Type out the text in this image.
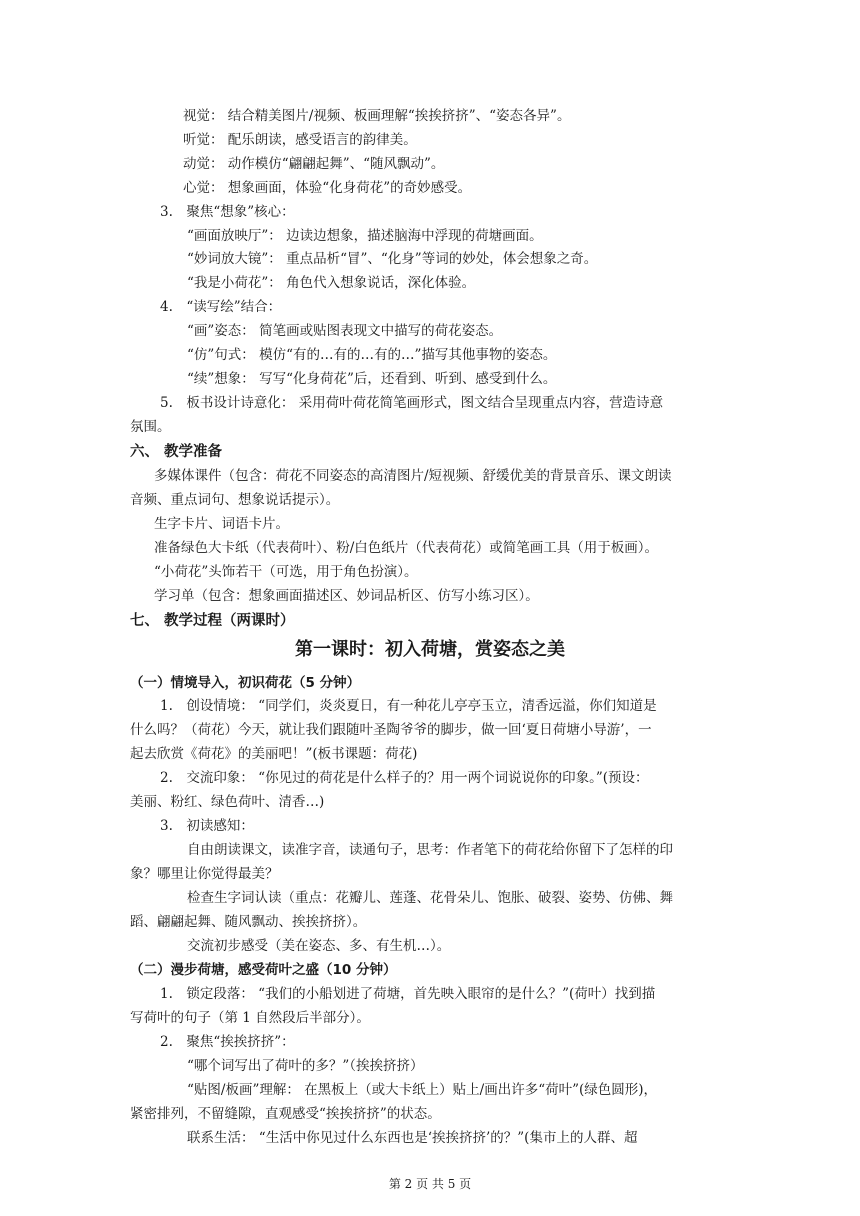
视觉： 结合精美图片/视频、板画理解“挨挨挤挤”、“姿态各异”。
听觉： 配乐朗读，感受语言的韵律美。
动觉： 动作模仿“翩翩起舞”、“随风飘动”。
心觉： 想象画面，体验“化身荷花”的奇妙感受。
3.　聚焦“想象”核心：
“画面放映厅”： 边读边想象，描述脑海中浮现的荷塘画面。
“妙词放大镜”： 重点品析“冒”、“化身”等词的妙处，体会想象之奇。
“我是小荷花”： 角色代入想象说话，深化体验。
4.　“读写绘”结合：
“画”姿态： 简笔画或贴图表现文中描写的荷花姿态。
“仿”句式： 模仿“有的…有的…有的…”描写其他事物的姿态。
“续”想象： 写写“化身荷花”后，还看到、听到、感受到什么。
5.　板书设计诗意化： 采用荷叶荷花简笔画形式，图文结合呈现重点内容，营造诗意
氛围。
六、 教学准备
多媒体课件（包含：荷花不同姿态的高清图片/短视频、舒缓优美的背景音乐、课文朗读
音频、重点词句、想象说话提示）。
生字卡片、词语卡片。
准备绿色大卡纸（代表荷叶）、粉/白色纸片（代表荷花）或简笔画工具（用于板画）。
“小荷花”头饰若干（可选，用于角色扮演）。
学习单（包含：想象画面描述区、妙词品析区、仿写小练习区）。
七、 教学过程（两课时）
第一课时：初入荷塘，赏姿态之美
（一）情境导入，初识荷花（5 分钟）
1.　创设情境： “同学们，炎炎夏日，有一种花儿亭亭玉立，清香远溢，你们知道是
什么吗？（荷花）今天，就让我们跟随叶圣陶爷爷的脚步，做一回‘夏日荷塘小导游’，一
起去欣赏《荷花》的美丽吧！”(板书课题：荷花)
2.　交流印象： “你见过的荷花是什么样子的？用一两个词说说你的印象。”(预设：
美丽、粉红、绿色荷叶、清香…)
3.　初读感知：
自由朗读课文，读准字音，读通句子，思考：作者笔下的荷花给你留下了怎样的印
象？哪里让你觉得最美？
检查生字词认读（重点：花瓣儿、莲蓬、花骨朵儿、饱胀、破裂、姿势、仿佛、舞
蹈、翩翩起舞、随风飘动、挨挨挤挤）。
交流初步感受（美在姿态、多、有生机…）。
（二）漫步荷塘，感受荷叶之盛（10 分钟）
1.　锁定段落： “我们的小船划进了荷塘，首先映入眼帘的是什么？”(荷叶）找到描
写荷叶的句子（第 1 自然段后半部分）。
2.　聚焦“挨挨挤挤”：
“哪个词写出了荷叶的多？”（挨挨挤挤）
“贴图/板画”理解： 在黑板上（或大卡纸上）贴上/画出许多“荷叶”(绿色圆形)，
紧密排列，不留缝隙，直观感受“挨挨挤挤”的状态。
联系生活： “生活中你见过什么东西也是‘挨挨挤挤’的？”(集市上的人群、超
第 2 页 共 5 页
